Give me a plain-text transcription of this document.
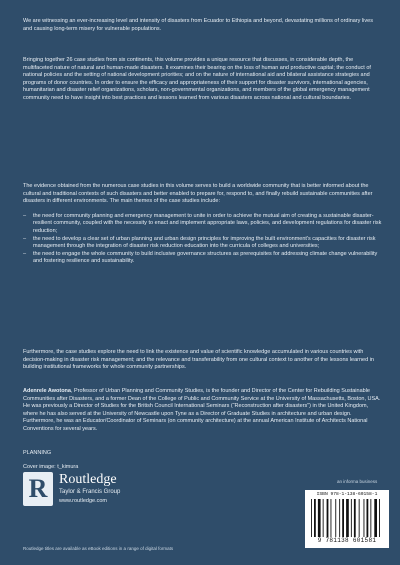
We are witnessing an ever-increasing level and intensity of disasters from Ecuador to Ethiopia and beyond, devastating millions of ordinary lives and causing long-term misery for vulnerable populations.

Bringing together 26 case studies from six continents, this volume provides a unique resource that discusses, in considerable depth, the multifaceted nature of natural and human-made disasters. It examines their bearing on the loss of human and productive capital; the conduct of national policies and the setting of national development priorities; and on the nature of international aid and bilateral assistance strategies and programs of donor countries. In order to ensure the efficacy and appropriateness of their support for disaster survivors, international agencies, humanitarian and disaster relief organizations, scholars, non-governmental organizations, and members of the global emergency management community need to have insight into best practices and lessons learned from various disasters across national and cultural boundaries.

The evidence obtained from the numerous case studies in this volume serves to build a worldwide community that is better informed about the cultural and traditional contexts of such disasters and better enabled to prepare for, respond to, and finally rebuild sustainable communities after disasters in different environments. The main themes of the case studies include:

– the need for community planning and emergency management to unite in order to achieve the mutual aim of creating a sustainable disaster-resilient community, coupled with the necessity to enact and implement appropriate laws, policies, and development regulations for disaster risk reduction;
– the need to develop a clear set of urban planning and urban design principles for improving the built environment's capacities for disaster risk management through the integration of disaster risk reduction education into the curricula of colleges and universities;
– the need to engage the whole community to build inclusive governance structures as prerequisites for addressing climate change vulnerability and fostering resilience and sustainability.

Furthermore, the case studies explore the need to link the existence and value of scientific knowledge accumulated in various countries with decision-making in disaster risk management; and the relevance and transferability from one cultural context to another of the lessons learned in building institutional frameworks for whole community partnerships.

Adenrele Awotona, Professor of Urban Planning and Community Studies, is the founder and Director of the Center for Rebuilding Sustainable Communities after Disasters, and a former Dean of the College of Public and Community Service at the University of Massachusetts, Boston, USA. He was previously a Director of Studies for the British Council International Seminars (“Reconstruction after disasters”) in the United Kingdom, where he has also served at the University of Newcastle upon Tyne as a Director of Graduate Studies in architecture and urban design. Furthermore, he was an Educator/Coordinator of Seminars (on community architecture) at the annual American Institute of Architects National Conventions for several years.

PLANNING

Cover image: t_kimura

R Routledge
Taylor & Francis Group
www.routledge.com
an informa business
ISBN 978-1-138-60158-1
9 781138 601581
Routledge titles are available as eBook editions in a range of digital formats
